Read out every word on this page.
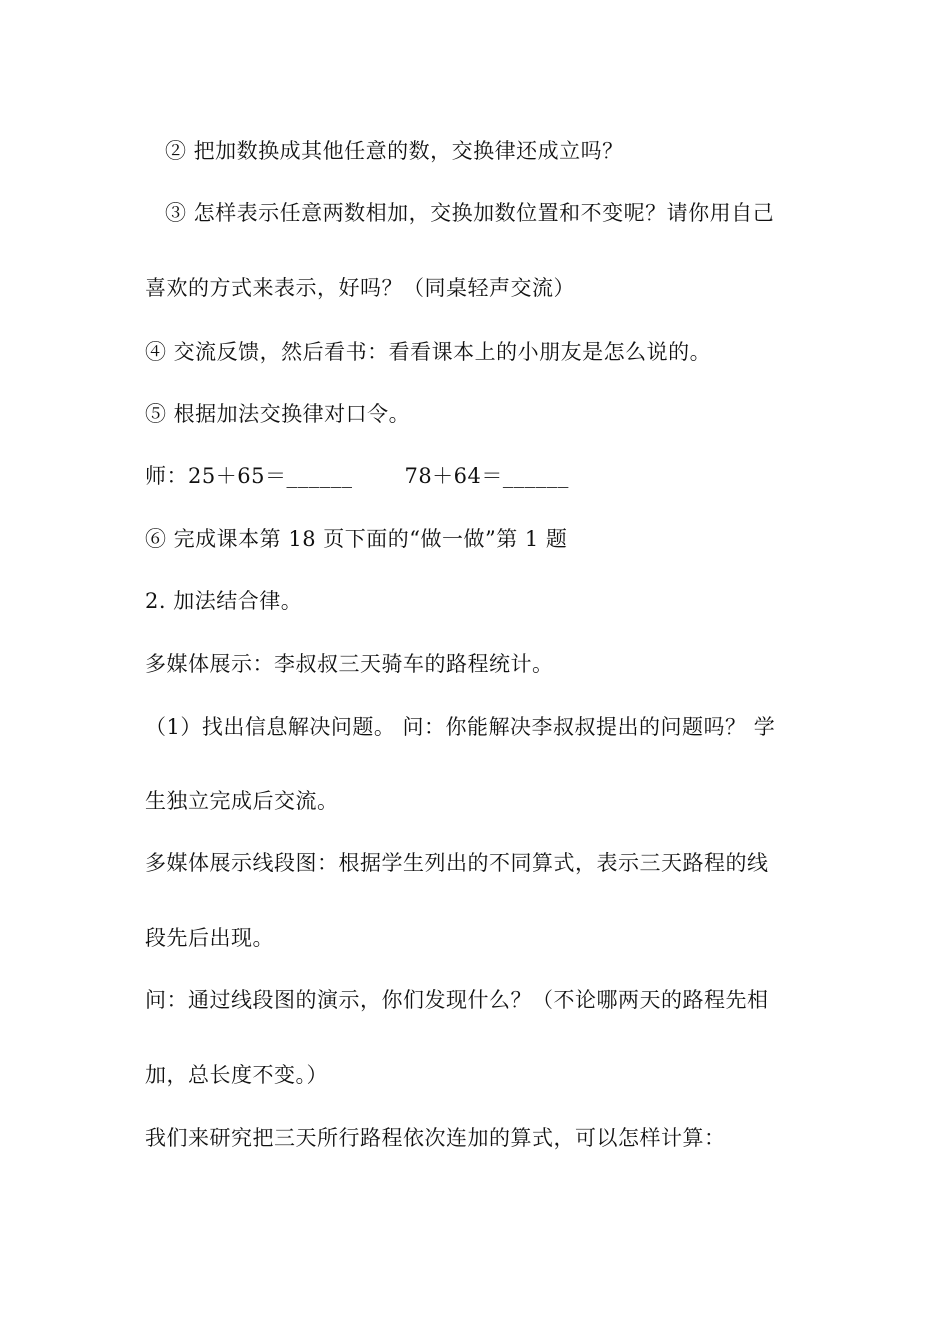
② 把加数换成其他任意的数，交换律还成立吗？
③ 怎样表示任意两数相加，交换加数位置和不变呢？请你用自己
喜欢的方式来表示，好吗？（同桌轻声交流）
④ 交流反馈，然后看书：看看课本上的小朋友是怎么说的。
⑤ 根据加法交换律对口令。
师：25＋65＝______ 78＋64＝______
⑥ 完成课本第 18 页下面的“做一做”第 1 题
2. 加法结合律。
多媒体展示：李叔叔三天骑车的路程统计。
（1）找出信息解决问题。 问：你能解决李叔叔提出的问题吗？ 学
生独立完成后交流。
多媒体展示线段图：根据学生列出的不同算式，表示三天路程的线
段先后出现。
问：通过线段图的演示，你们发现什么？（不论哪两天的路程先相
加，总长度不变。）
我们来研究把三天所行路程依次连加的算式，可以怎样计算：
